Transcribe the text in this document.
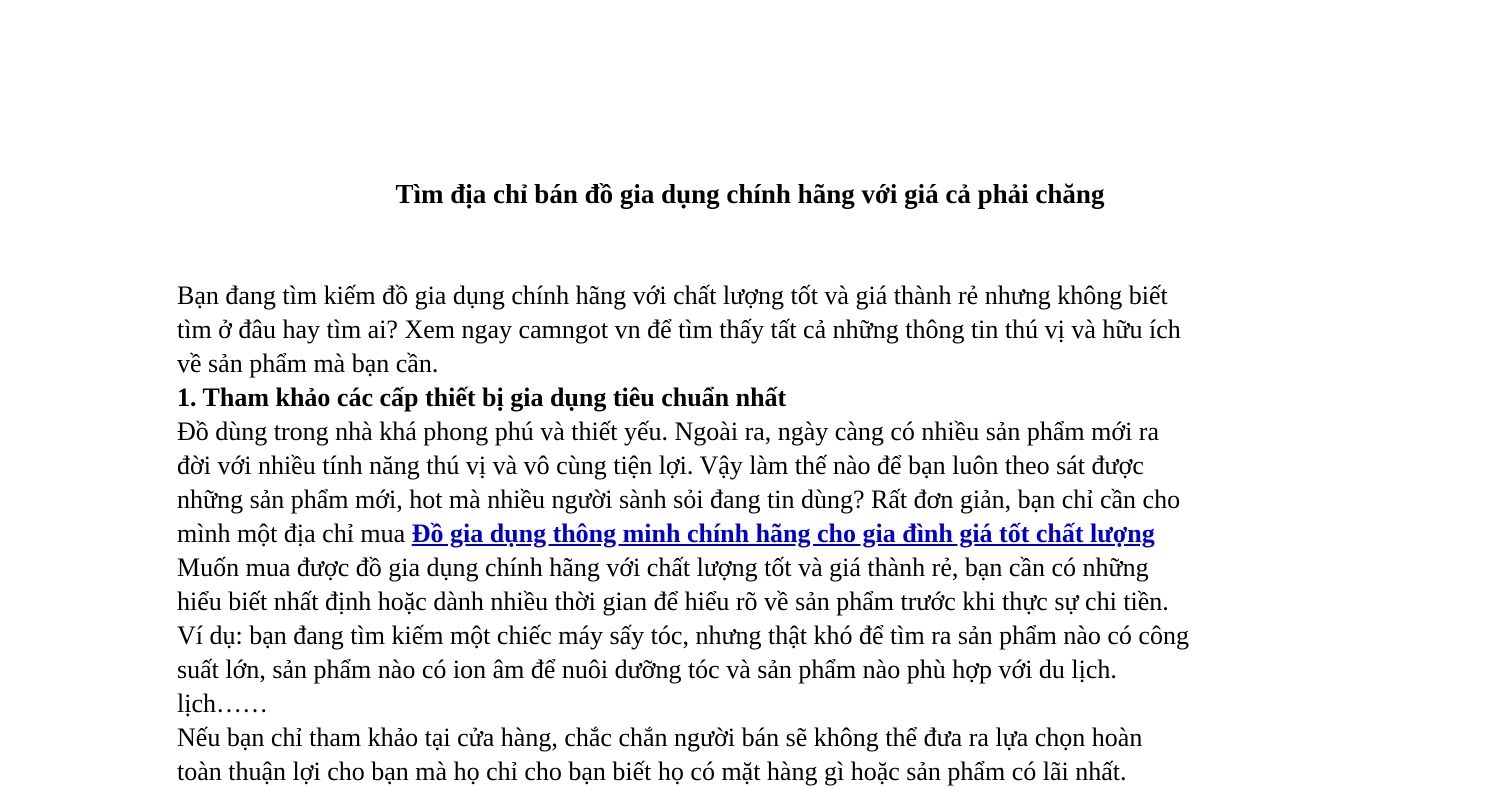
Tìm địa chỉ bán đồ gia dụng chính hãng với giá cả phải chăng
Bạn đang tìm kiếm đồ gia dụng chính hãng với chất lượng tốt và giá thành rẻ nhưng không biết
tìm ở đâu hay tìm ai? Xem ngay camngot vn để tìm thấy tất cả những thông tin thú vị và hữu ích
về sản phẩm mà bạn cần.
1. Tham khảo các cấp thiết bị gia dụng tiêu chuẩn nhất
Đồ dùng trong nhà khá phong phú và thiết yếu. Ngoài ra, ngày càng có nhiều sản phẩm mới ra
đời với nhiều tính năng thú vị và vô cùng tiện lợi. Vậy làm thế nào để bạn luôn theo sát được
những sản phẩm mới, hot mà nhiều người sành sỏi đang tin dùng? Rất đơn giản, bạn chỉ cần cho
mình một địa chỉ mua Đồ gia dụng thông minh chính hãng cho gia đình giá tốt chất lượng
Muốn mua được đồ gia dụng chính hãng với chất lượng tốt và giá thành rẻ, bạn cần có những
hiểu biết nhất định hoặc dành nhiều thời gian để hiểu rõ về sản phẩm trước khi thực sự chi tiền.
Ví dụ: bạn đang tìm kiếm một chiếc máy sấy tóc, nhưng thật khó để tìm ra sản phẩm nào có công
suất lớn, sản phẩm nào có ion âm để nuôi dưỡng tóc và sản phẩm nào phù hợp với du lịch.
lịch……
Nếu bạn chỉ tham khảo tại cửa hàng, chắc chắn người bán sẽ không thể đưa ra lựa chọn hoàn
toàn thuận lợi cho bạn mà họ chỉ cho bạn biết họ có mặt hàng gì hoặc sản phẩm có lãi nhất.
